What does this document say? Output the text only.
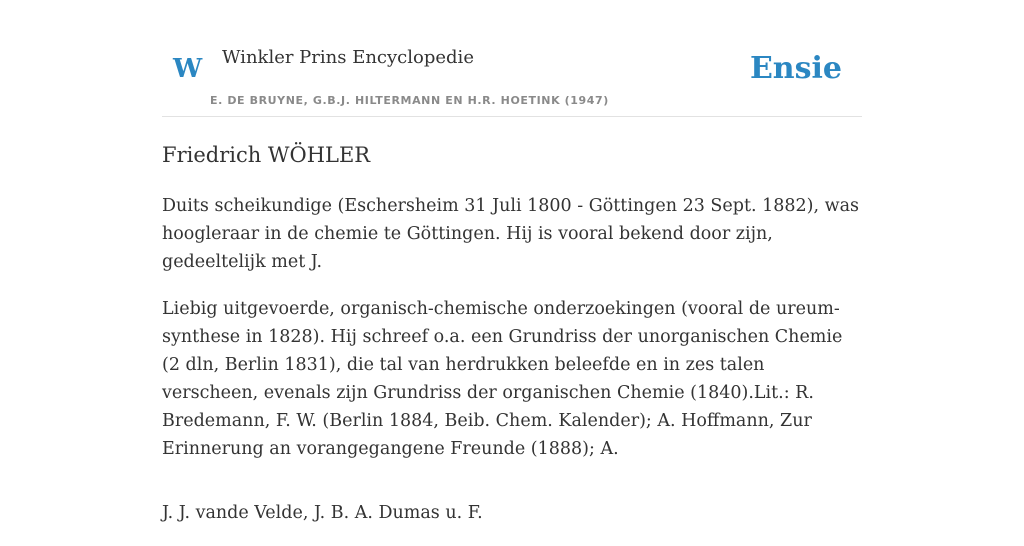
W Winkler Prins Encyclopedie
E. DE BRUYNE, G.B.J. HILTERMANN EN H.R. HOETINK (1947)
Ensie
Friedrich WÖHLER

Duits scheikundige (Eschersheim 31 Juli 1800 - Göttingen 23 Sept. 1882), was hoogleraar in de chemie te Göttingen. Hij is vooral bekend door zijn, gedeeltelijk met J.

Liebig uitgevoerde, organisch-chemische onderzoekingen (vooral de ureum-synthese in 1828). Hij schreef o.a. een Grundriss der unorganischen Chemie (2 dln, Berlin 1831), die tal van herdrukken beleefde en in zes talen verscheen, evenals zijn Grundriss der organischen Chemie (1840).Lit.: R. Bredemann, F. W. (Berlin 1884, Beib. Chem. Kalender); A. Hoffmann, Zur Erinnerung an vorangegangene Freunde (1888); A.

J. J. vande Velde, J. B. A. Dumas u. F.
